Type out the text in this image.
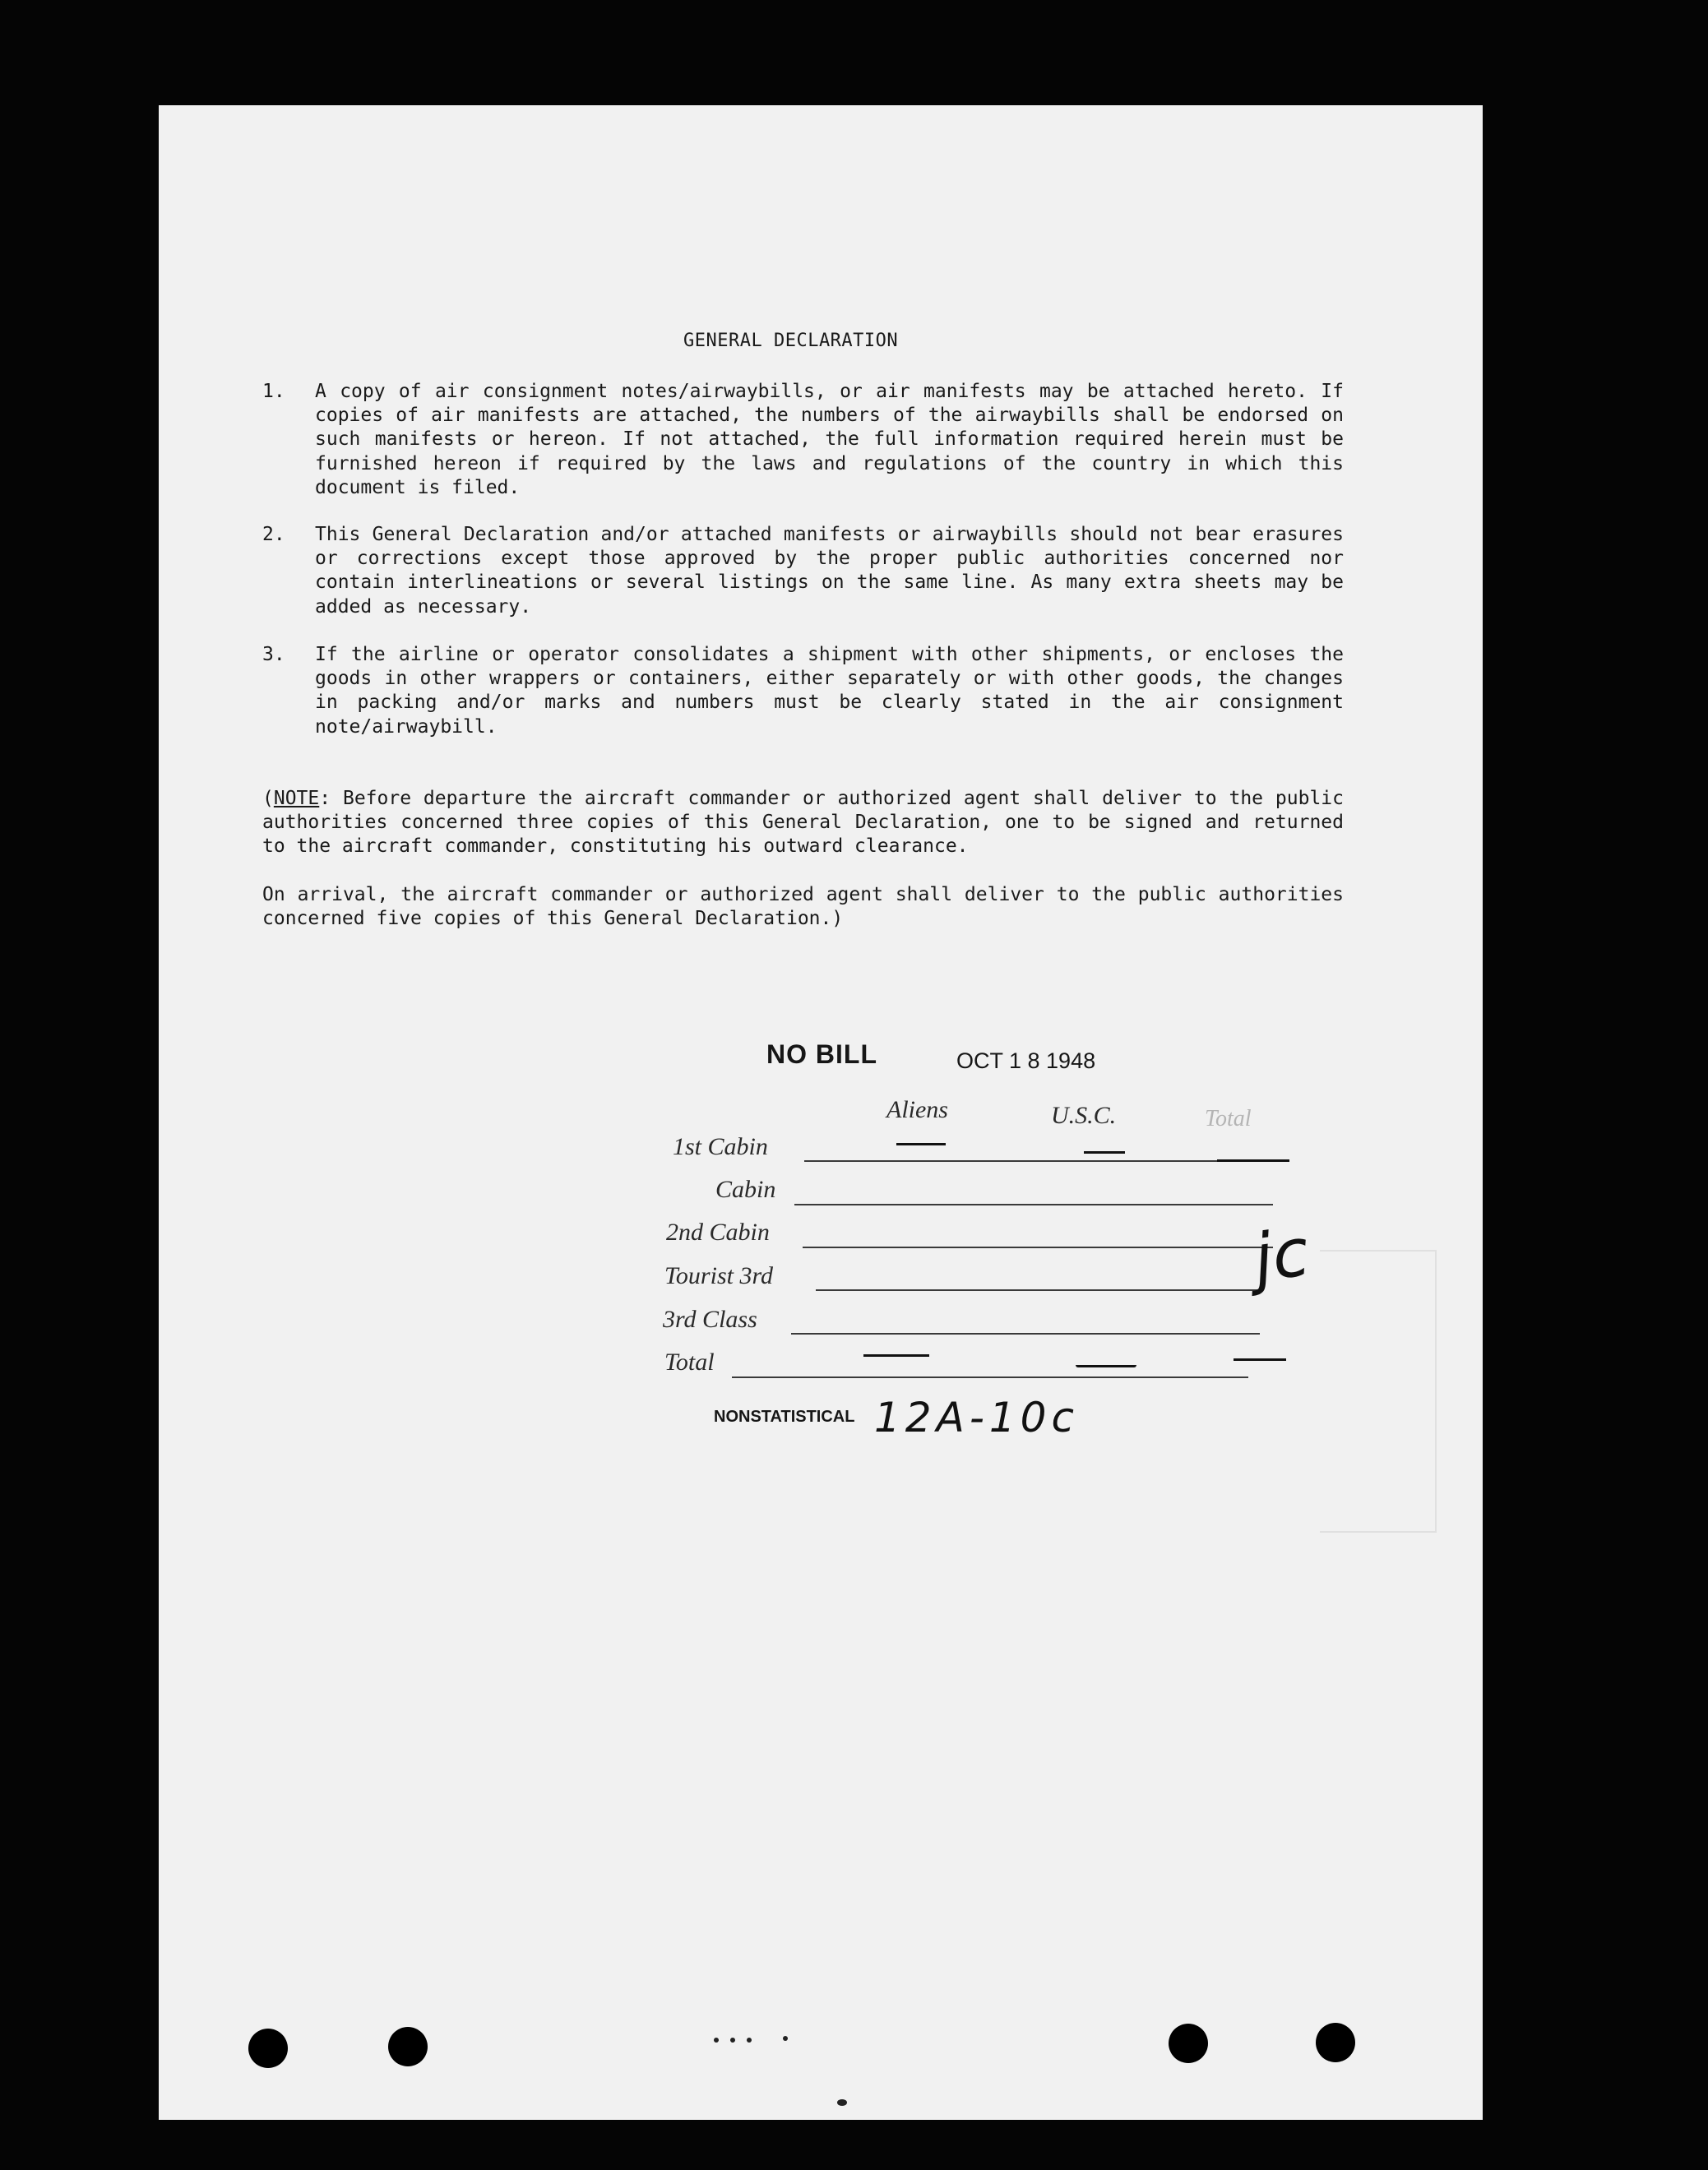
GENERAL DECLARATION
1. A copy of air consignment notes/airwaybills, or air manifests may be attached hereto. If copies of air manifests are attached, the numbers of the airwaybills shall be endorsed on such manifests or hereon. If not attached, the full information required herein must be furnished hereon if required by the laws and regulations of the country in which this document is filed.
2. This General Declaration and/or attached manifests or airwaybills should not bear erasures or corrections except those approved by the proper public authorities concerned nor contain interlineations or several listings on the same line. As many extra sheets may be added as necessary.
3. If the airline or operator consolidates a shipment with other shipments, or encloses the goods in other wrappers or containers, either separately or with other goods, the changes in packing and/or marks and numbers must be clearly stated in the air consignment note/airwaybill.
(NOTE: Before departure the aircraft commander or authorized agent shall deliver to the public authorities concerned three copies of this General Declaration, one to be signed and returned to the aircraft commander, constituting his outward clearance.
On arrival, the aircraft commander or authorized agent shall deliver to the public authorities concerned five copies of this General Declaration.)
NO BILL	OCT 1 8 1948
Aliens	U.S.C.	Total
1st Cabin
Cabin
2nd Cabin
Tourist 3rd
3rd Class
Total
jc
NONSTATISTICAL 12A-10c
